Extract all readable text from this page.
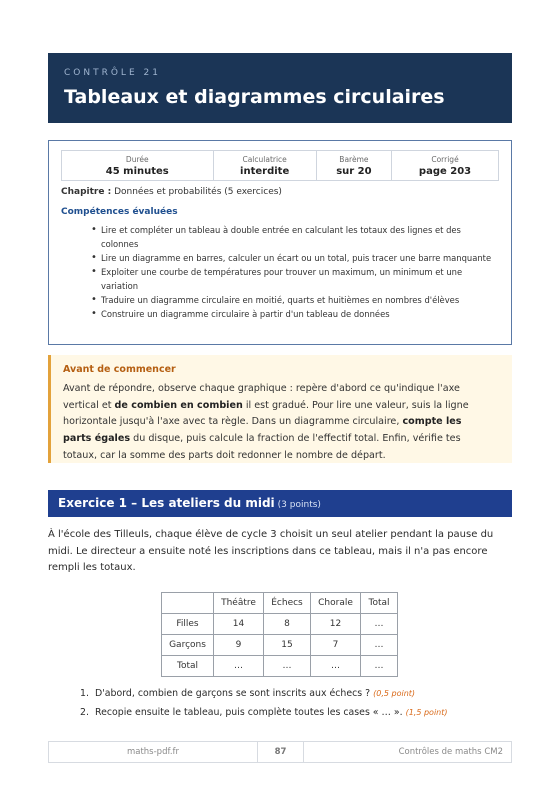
CONTRÔLE 21
Tableaux et diagrammes circulaires
Durée
45 minutes
Calculatrice
interdite
Barème
sur 20
Corrigé
page 203
Chapitre : Données et probabilités (5 exercices)
Compétences évaluées
• Lire et compléter un tableau à double entrée en calculant les totaux des lignes et des colonnes
• Lire un diagramme en barres, calculer un écart ou un total, puis tracer une barre manquante
• Exploiter une courbe de températures pour trouver un maximum, un minimum et une variation
• Traduire un diagramme circulaire en moitié, quarts et huitièmes en nombres d'élèves
• Construire un diagramme circulaire à partir d'un tableau de données
Avant de commencer
Avant de répondre, observe chaque graphique : repère d'abord ce qu'indique l'axe vertical et de combien en combien il est gradué. Pour lire une valeur, suis la ligne horizontale jusqu'à l'axe avec ta règle. Dans un diagramme circulaire, compte les parts égales du disque, puis calcule la fraction de l'effectif total. Enfin, vérifie tes totaux, car la somme des parts doit redonner le nombre de départ.
Exercice 1 – Les ateliers du midi (3 points)
À l'école des Tilleuls, chaque élève de cycle 3 choisit un seul atelier pendant la pause du midi. Le directeur a ensuite noté les inscriptions dans ce tableau, mais il n'a pas encore rempli les totaux.
	Théâtre	Échecs	Chorale	Total
Filles	14	8	12	…
Garçons	9	15	7	…
Total	…	…	…	…
1. D'abord, combien de garçons se sont inscrits aux échecs ? (0,5 point)
2. Recopie ensuite le tableau, puis complète toutes les cases « … ». (1,5 point)
maths-pdf.fr	87	Contrôles de maths CM2
